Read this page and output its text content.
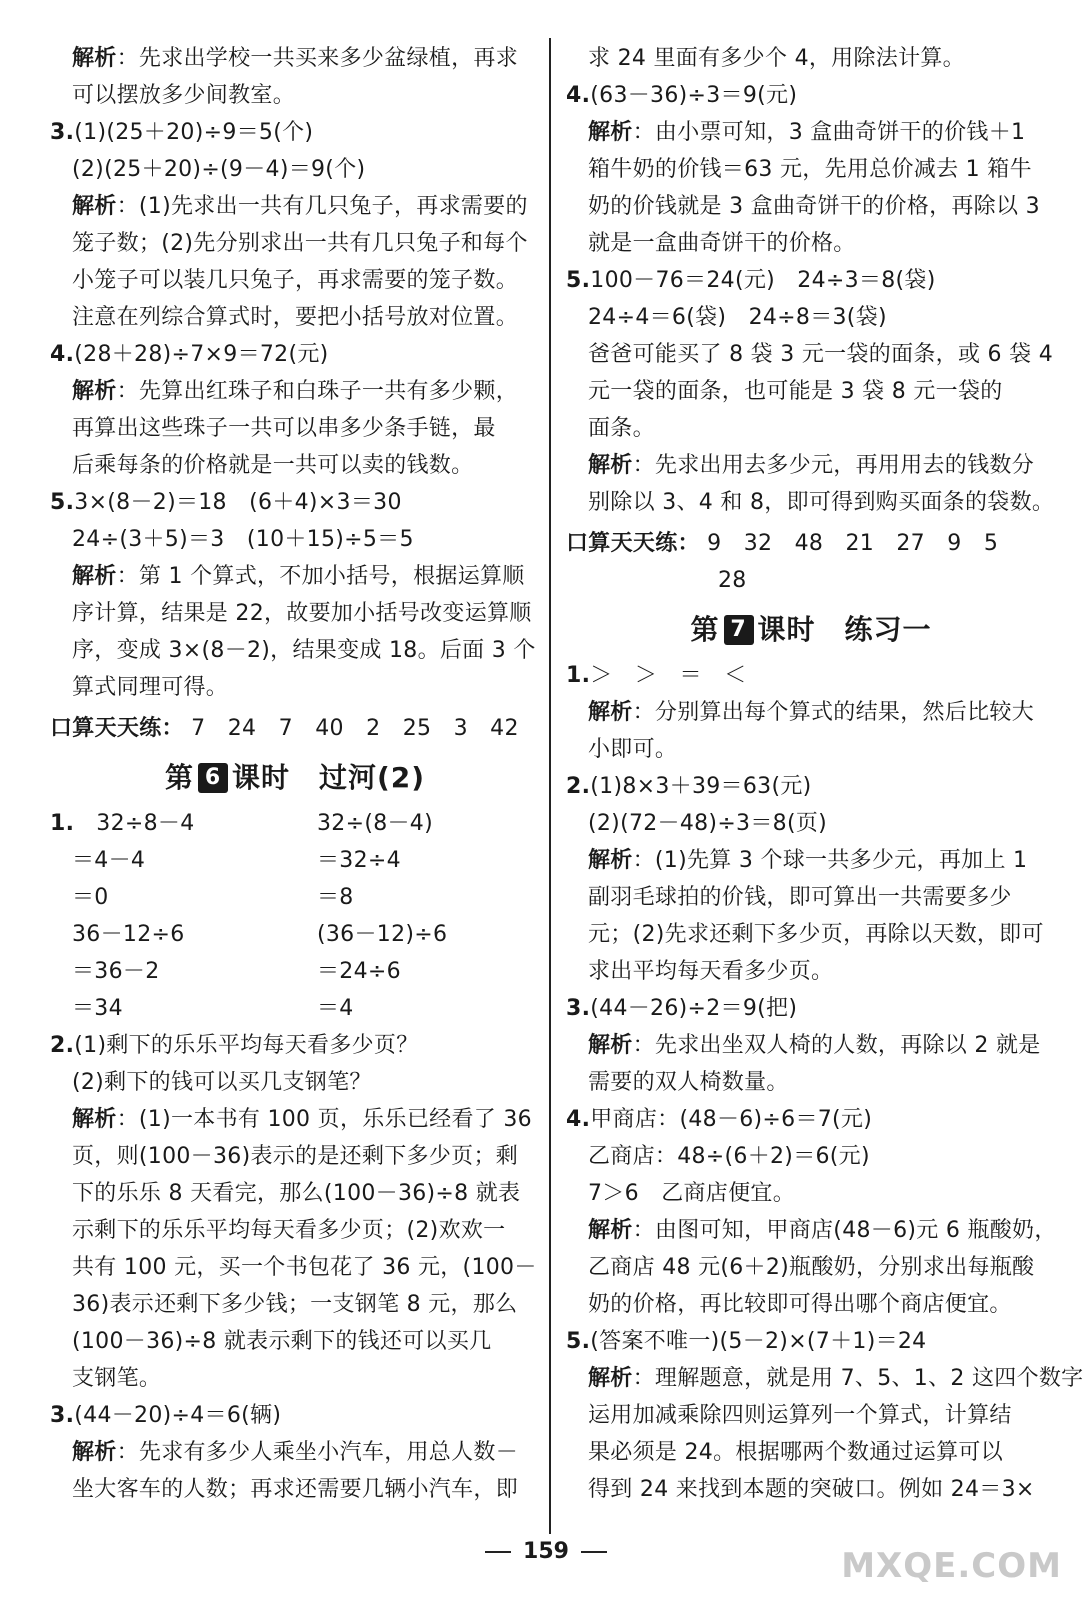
解析：先求出学校一共买来多少盆绿植，再求
可以摆放多少间教室。
3.(1)(25＋20)÷9＝5(个)
(2)(25＋20)÷(9－4)＝9(个)
解析：(1)先求出一共有几只兔子，再求需要的
笼子数；(2)先分别求出一共有几只兔子和每个
小笼子可以装几只兔子，再求需要的笼子数。
注意在列综合算式时，要把小括号放对位置。
4.(28＋28)÷7×9＝72(元)
解析：先算出红珠子和白珠子一共有多少颗，
再算出这些珠子一共可以串多少条手链，最
后乘每条的价格就是一共可以卖的钱数。
5.3×(8－2)＝18　(6＋4)×3＝30
24÷(3＋5)＝3　(10＋15)÷5＝5
解析：第 1 个算式，不加小括号，根据运算顺
序计算，结果是 22，故要加小括号改变运算顺
序，变成 3×(8－2)，结果变成 18。后面 3 个
算式同理可得。
口算天天练： 7　24　7　40　2　25　3　42
第 6 课时　过河(2)
1. 32÷8－4	32÷(8－4)
＝4－4	＝32÷4
＝0	＝8
36－12÷6	(36－12)÷6
＝36－2	＝24÷6
＝34	＝4
2.(1)剩下的乐乐平均每天看多少页？
(2)剩下的钱可以买几支钢笔？
解析：(1)一本书有 100 页，乐乐已经看了 36
页，则(100－36)表示的是还剩下多少页；剩
下的乐乐 8 天看完，那么(100－36)÷8 就表
示剩下的乐乐平均每天看多少页；(2)欢欢一
共有 100 元，买一个书包花了 36 元，(100－
36)表示还剩下多少钱；一支钢笔 8 元，那么
(100－36)÷8 就表示剩下的钱还可以买几
支钢笔。
3.(44－20)÷4＝6(辆)
解析：先求有多少人乘坐小汽车，用总人数－
坐大客车的人数；再求还需要几辆小汽车，即
求 24 里面有多少个 4，用除法计算。
4.(63－36)÷3＝9(元)
解析：由小票可知，3 盒曲奇饼干的价钱＋1
箱牛奶的价钱＝63 元，先用总价减去 1 箱牛
奶的价钱就是 3 盒曲奇饼干的价格，再除以 3
就是一盒曲奇饼干的价格。
5.100－76＝24(元)　24÷3＝8(袋)
24÷4＝6(袋)　24÷8＝3(袋)
爸爸可能买了 8 袋 3 元一袋的面条，或 6 袋 4
元一袋的面条，也可能是 3 袋 8 元一袋的
面条。
解析：先求出用去多少元，再用用去的钱数分
别除以 3、4 和 8，即可得到购买面条的袋数。
口算天天练： 9　32　48　21　27　9　5
28
第 7 课时　练习一
1.＞　＞　＝　＜
解析：分别算出每个算式的结果，然后比较大
小即可。
2.(1)8×3＋39＝63(元)
(2)(72－48)÷3＝8(页)
解析：(1)先算 3 个球一共多少元，再加上 1
副羽毛球拍的价钱，即可算出一共需要多少
元；(2)先求还剩下多少页，再除以天数，即可
求出平均每天看多少页。
3.(44－26)÷2＝9(把)
解析：先求出坐双人椅的人数，再除以 2 就是
需要的双人椅数量。
4.甲商店：(48－6)÷6＝7(元)
乙商店：48÷(6＋2)＝6(元)
7＞6　乙商店便宜。
解析：由图可知，甲商店(48－6)元 6 瓶酸奶，
乙商店 48 元(6＋2)瓶酸奶，分别求出每瓶酸
奶的价格，再比较即可得出哪个商店便宜。
5.(答案不唯一)(5－2)×(7＋1)＝24
解析：理解题意，就是用 7、5、1、2 这四个数字
运用加减乘除四则运算列一个算式，计算结
果必须是 24。根据哪两个数通过运算可以
得到 24 来找到本题的突破口。例如 24＝3×
159	MXQE.COM
